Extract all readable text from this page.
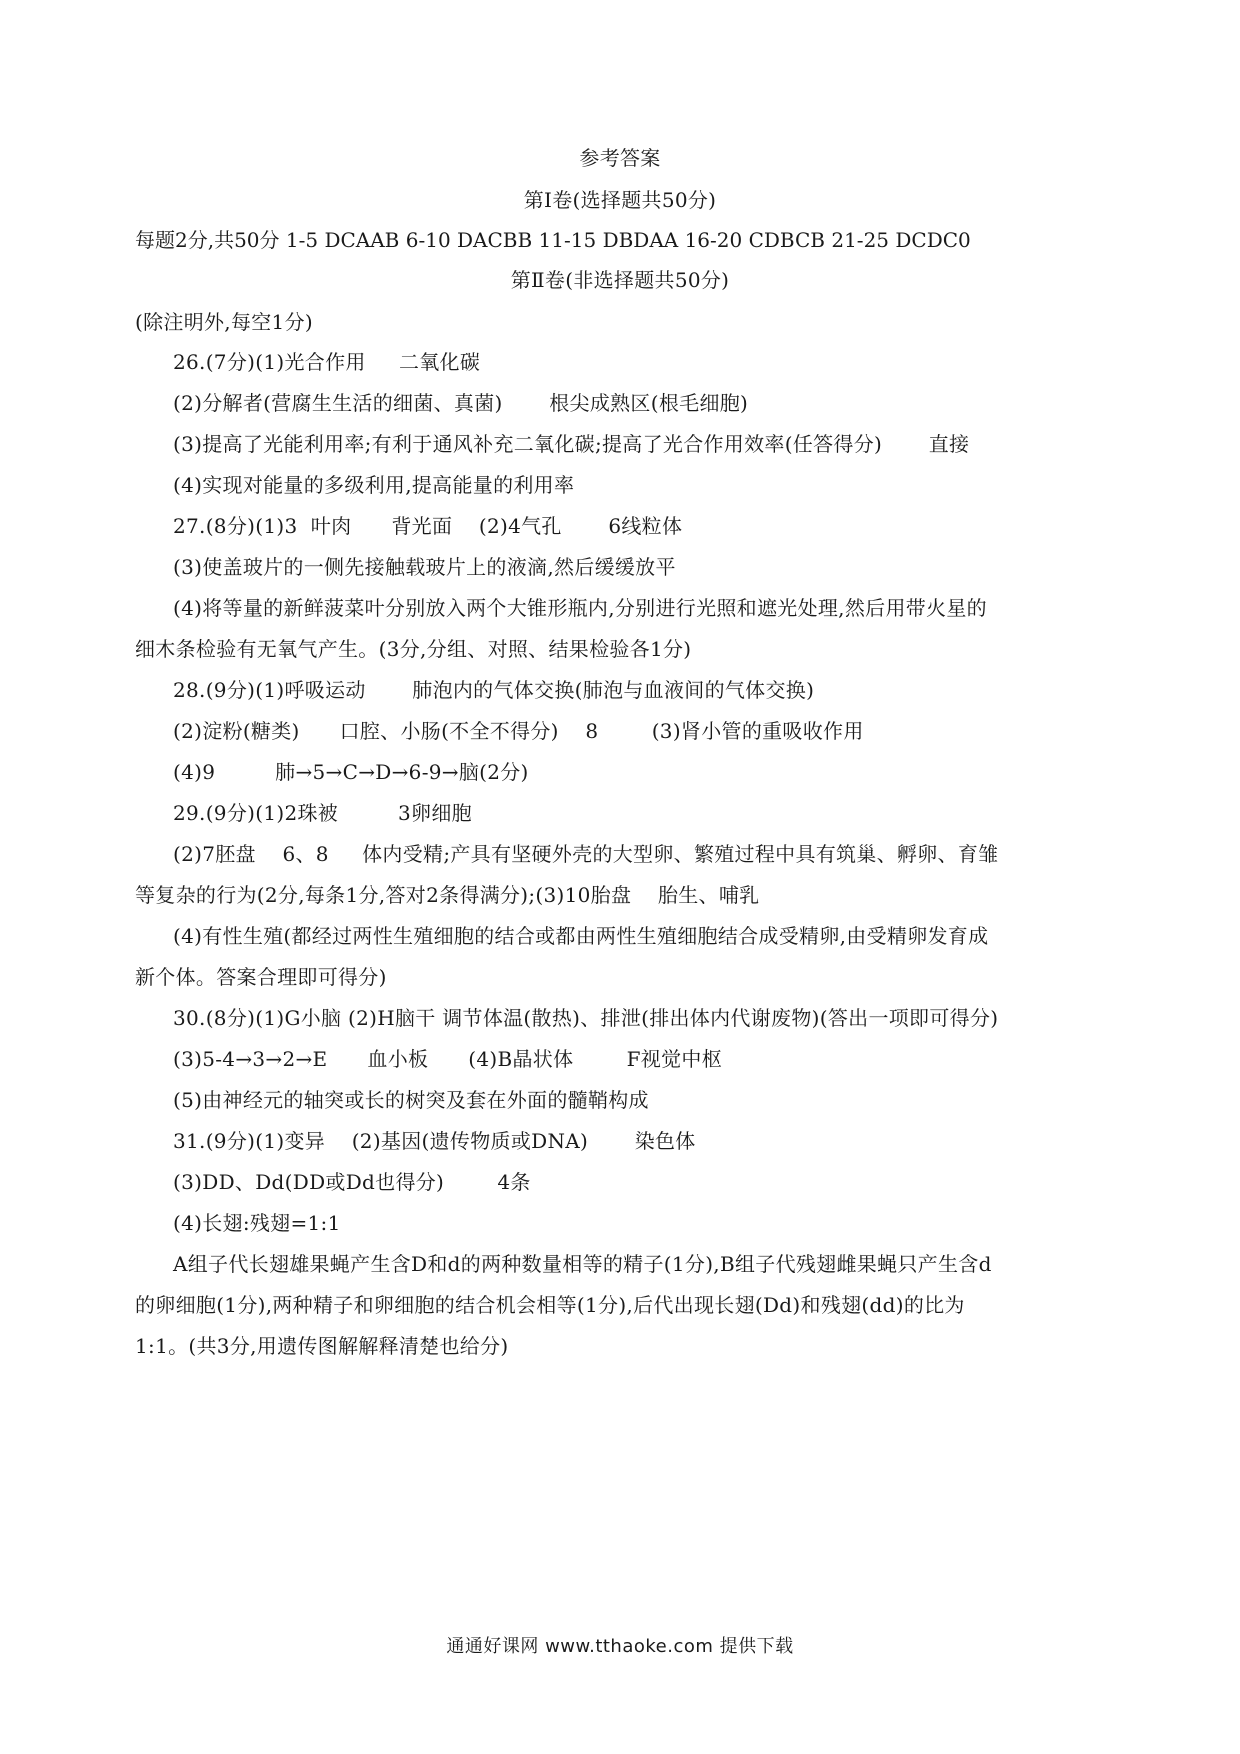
参考答案
第Ⅰ卷(选择题共50分)
每题2分,共50分 1-5 DCAAB 6-10 DACBB 11-15 DBDAA 16-20 CDBCB 21-25 DCDC0
第Ⅱ卷(非选择题共50分)
(除注明外,每空1分)
26.(7分)(1)光合作用     二氧化碳
(2)分解者(营腐生生活的细菌、真菌)       根尖成熟区(根毛细胞)
(3)提高了光能利用率;有利于通风补充二氧化碳;提高了光合作用效率(任答得分)       直接
(4)实现对能量的多级利用,提高能量的利用率
27.(8分)(1)3  叶肉      背光面    (2)4气孔       6线粒体
(3)使盖玻片的一侧先接触载玻片上的液滴,然后缓缓放平
(4)将等量的新鲜菠菜叶分别放入两个大锥形瓶内,分别进行光照和遮光处理,然后用带火星的
细木条检验有无氧气产生。(3分,分组、对照、结果检验各1分)
28.(9分)(1)呼吸运动       肺泡内的气体交换(肺泡与血液间的气体交换)
(2)淀粉(糖类)      口腔、小肠(不全不得分)    8        (3)肾小管的重吸收作用
(4)9         肺→5→C→D→6-9→脑(2分)
29.(9分)(1)2珠被         3卵细胞
(2)7胚盘    6、8     体内受精;产具有坚硬外壳的大型卵、繁殖过程中具有筑巢、孵卵、育雏
等复杂的行为(2分,每条1分,答对2条得满分);(3)10胎盘    胎生、哺乳
(4)有性生殖(都经过两性生殖细胞的结合或都由两性生殖细胞结合成受精卵,由受精卵发育成
新个体。答案合理即可得分)
30.(8分)(1)G小脑 (2)H脑干 调节体温(散热)、排泄(排出体内代谢废物)(答出一项即可得分)
(3)5-4→3→2→E      血小板      (4)B晶状体        F视觉中枢
(5)由神经元的轴突或长的树突及套在外面的髓鞘构成
31.(9分)(1)变异    (2)基因(遗传物质或DNA)       染色体
(3)DD、Dd(DD或Dd也得分)        4条
(4)长翅:残翅=1:1
A组子代长翅雄果蝇产生含D和d的两种数量相等的精子(1分),B组子代残翅雌果蝇只产生含d
的卵细胞(1分),两种精子和卵细胞的结合机会相等(1分),后代出现长翅(Dd)和残翅(dd)的比为
1:1。(共3分,用遗传图解解释清楚也给分)
通通好课网 www.tthaoke.com 提供下载
